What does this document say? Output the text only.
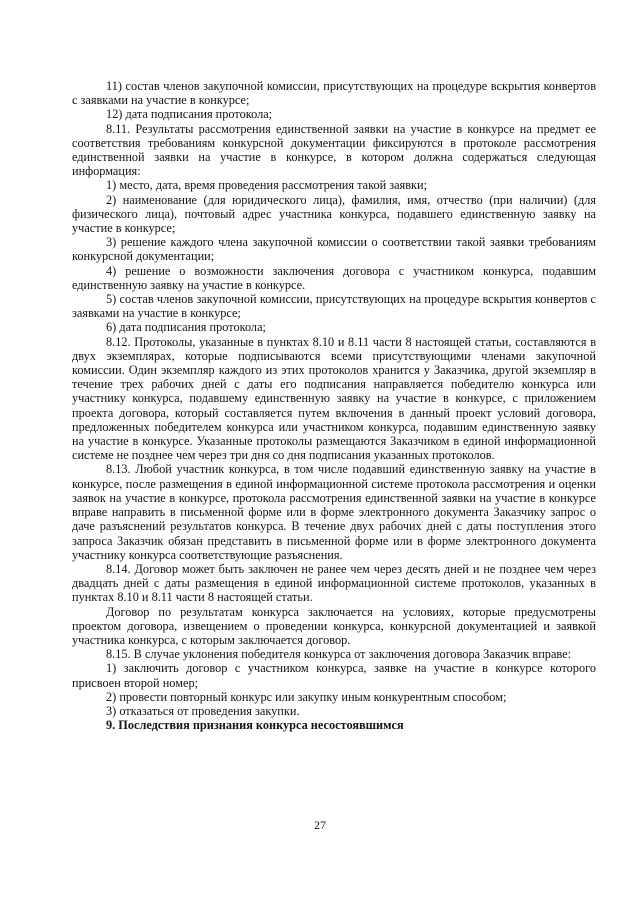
11) состав членов закупочной комиссии, присутствующих на процедуре вскрытия конвертов с заявками на участие в конкурсе;

12) дата подписания протокола;

8.11. Результаты рассмотрения единственной заявки на участие в конкурсе на предмет ее соответствия требованиям конкурсной документации фиксируются в протоколе рассмотрения единственной заявки на участие в конкурсе, в котором должна содержаться следующая информация:

1) место, дата, время проведения рассмотрения такой заявки;

2) наименование (для юридического лица), фамилия, имя, отчество (при наличии) (для физического лица), почтовый адрес участника конкурса, подавшего единственную заявку на участие в конкурсе;

3) решение каждого члена закупочной комиссии о соответствии такой заявки требованиям конкурсной документации;

4) решение о возможности заключения договора с участником конкурса, подавшим единственную заявку на участие в конкурсе.

5) состав членов закупочной комиссии, присутствующих на процедуре вскрытия конвертов с заявками на участие в конкурсе;

6) дата подписания протокола;

8.12. Протоколы, указанные в пунктах 8.10 и 8.11 части 8 настоящей статьи, составляются в двух экземплярах, которые подписываются всеми присутствующими членами закупочной комиссии. Один экземпляр каждого из этих протоколов хранится у Заказчика, другой экземпляр в течение трех рабочих дней с даты его подписания направляется победителю конкурса или участнику конкурса, подавшему единственную заявку на участие в конкурсе, с приложением проекта договора, который составляется путем включения в данный проект условий договора, предложенных победителем конкурса или участником конкурса, подавшим единственную заявку на участие в конкурсе. Указанные протоколы размещаются Заказчиком в единой информационной системе не позднее чем через три дня со дня подписания указанных протоколов.

8.13. Любой участник конкурса, в том числе подавший единственную заявку на участие в конкурсе, после размещения в единой информационной системе протокола рассмотрения и оценки заявок на участие в конкурсе, протокола рассмотрения единственной заявки на участие в конкурсе вправе направить в письменной форме или в форме электронного документа Заказчику запрос о даче разъяснений результатов конкурса. В течение двух рабочих дней с даты поступления этого запроса Заказчик обязан представить в письменной форме или в форме электронного документа участнику конкурса соответствующие разъяснения.

8.14. Договор может быть заключен не ранее чем через десять дней и не позднее чем через двадцать дней с даты размещения в единой информационной системе протоколов, указанных в пунктах 8.10 и 8.11 части 8 настоящей статьи.

Договор по результатам конкурса заключается на условиях, которые предусмотрены проектом договора, извещением о проведении конкурса, конкурсной документацией и заявкой участника конкурса, с которым заключается договор.

8.15. В случае уклонения победителя конкурса от заключения договора Заказчик вправе:

1) заключить договор с участником конкурса, заявке на участие в конкурсе которого присвоен второй номер;

2) провести повторный конкурс или закупку иным конкурентным способом;

3) отказаться от проведения закупки.

9. Последствия признания конкурса несостоявшимся

27
